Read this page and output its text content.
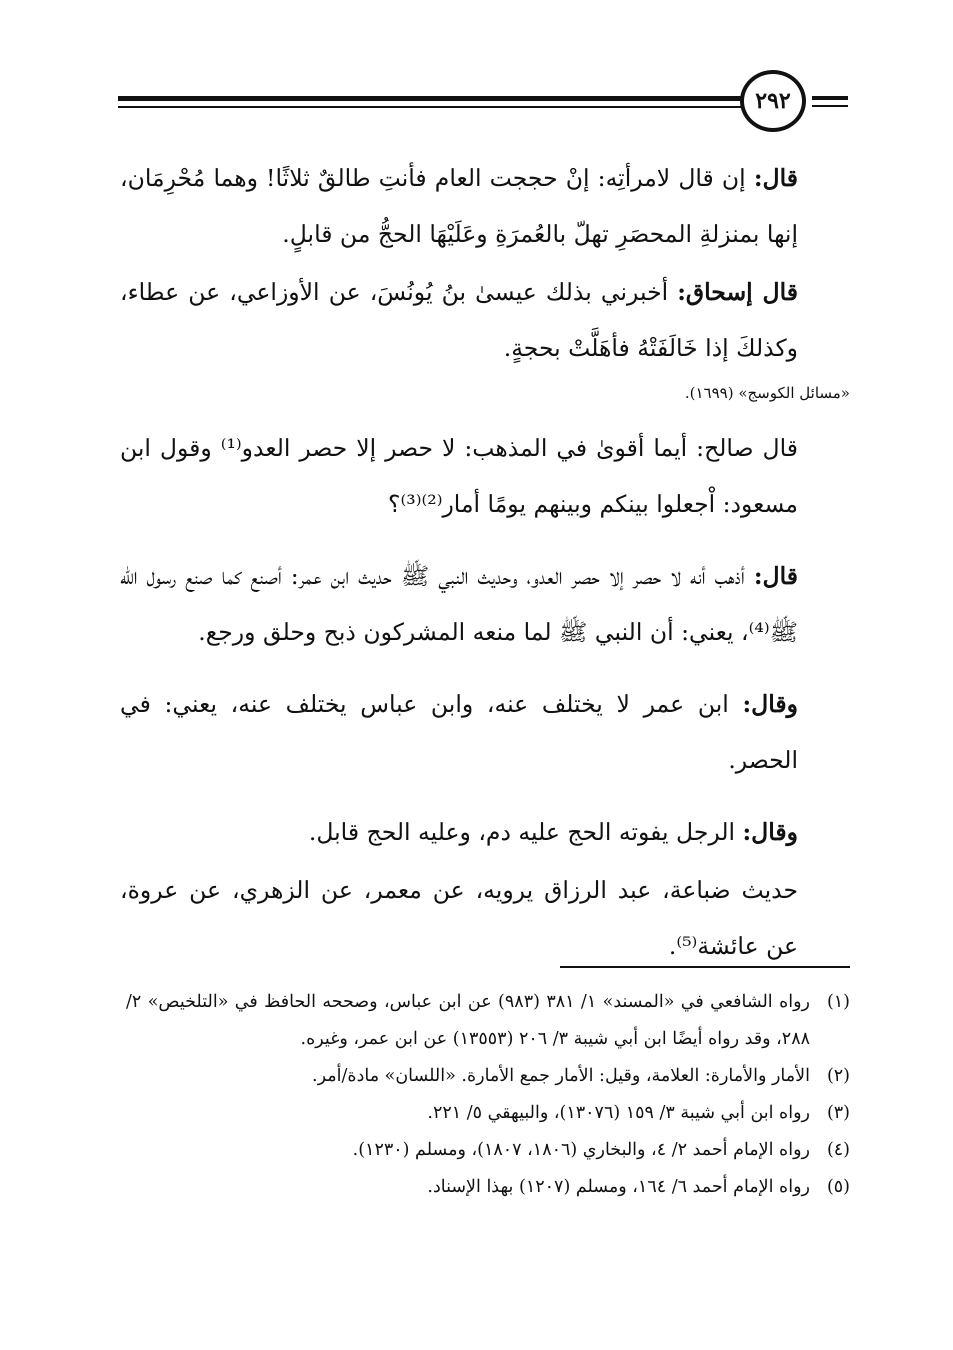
٢٩٢

قال: إن قال لامرأتِه: إنْ حججت العام فأنتِ طالقٌ ثلاثًا! وهما مُحْرِمَان، إنها بمنزلةِ المحصَرِ تهلّ بالعُمرَةِ وعَلَيْهَا الحجُّ من قابلٍ.

قال إسحاق: أخبرني بذلك عيسىٰ بنُ يُونُسَ، عن الأوزاعي، عن عطاء، وكذلكَ إذا خَالَفَتْهُ فأهَلَّتْ بحجةٍ.

«مسائل الكوسج» (١٦٩٩).

قال صالح: أيما أقوىٰ في المذهب: لا حصر إلا حصر العدو⁽¹⁾ وقول ابن مسعود: اْجعلوا بينكم وبينهم يومًا أمار⁽²⁾⁽³⁾؟

قال: أذهب أنه لا حصر إلا حصر العدو، وحديث النبي ﷺ حديث ابن عمر: أصنع كما صنع رسول الله ﷺ⁽⁴⁾، يعني: أن النبي ﷺ لما منعه المشركون ذبح وحلق ورجع.

وقال: ابن عمر لا يختلف عنه، وابن عباس يختلف عنه، يعني: في الحصر.

وقال: الرجل يفوته الحج عليه دم، وعليه الحج قابل.

حديث ضباعة، عبد الرزاق يرويه، عن معمر، عن الزهري، عن عروة، عن عائشة⁽⁵⁾.

(١)
رواه الشافعي في «المسند» ١/ ٣٨١ (٩٨٣) عن ابن عباس، وصححه الحافظ في «التلخيص» ٢/ ٢٨٨، وقد رواه أيضًا ابن أبي شيبة ٣/ ٢٠٦ (١٣٥٥٣) عن ابن عمر، وغيره.
(٢)
الأمار والأمارة: العلامة، وقيل: الأمار جمع الأمارة. «اللسان» مادة/أمر.
(٣)
رواه ابن أبي شيبة ٣/ ١٥٩ (١٣٠٧٦)، والبيهقي ٥/ ٢٢١.
(٤)
رواه الإمام أحمد ٢/ ٤، والبخاري (١٨٠٦، ١٨٠٧)، ومسلم (١٢٣٠).
(٥)
رواه الإمام أحمد ٦/ ١٦٤، ومسلم (١٢٠٧) بهذا الإسناد.
